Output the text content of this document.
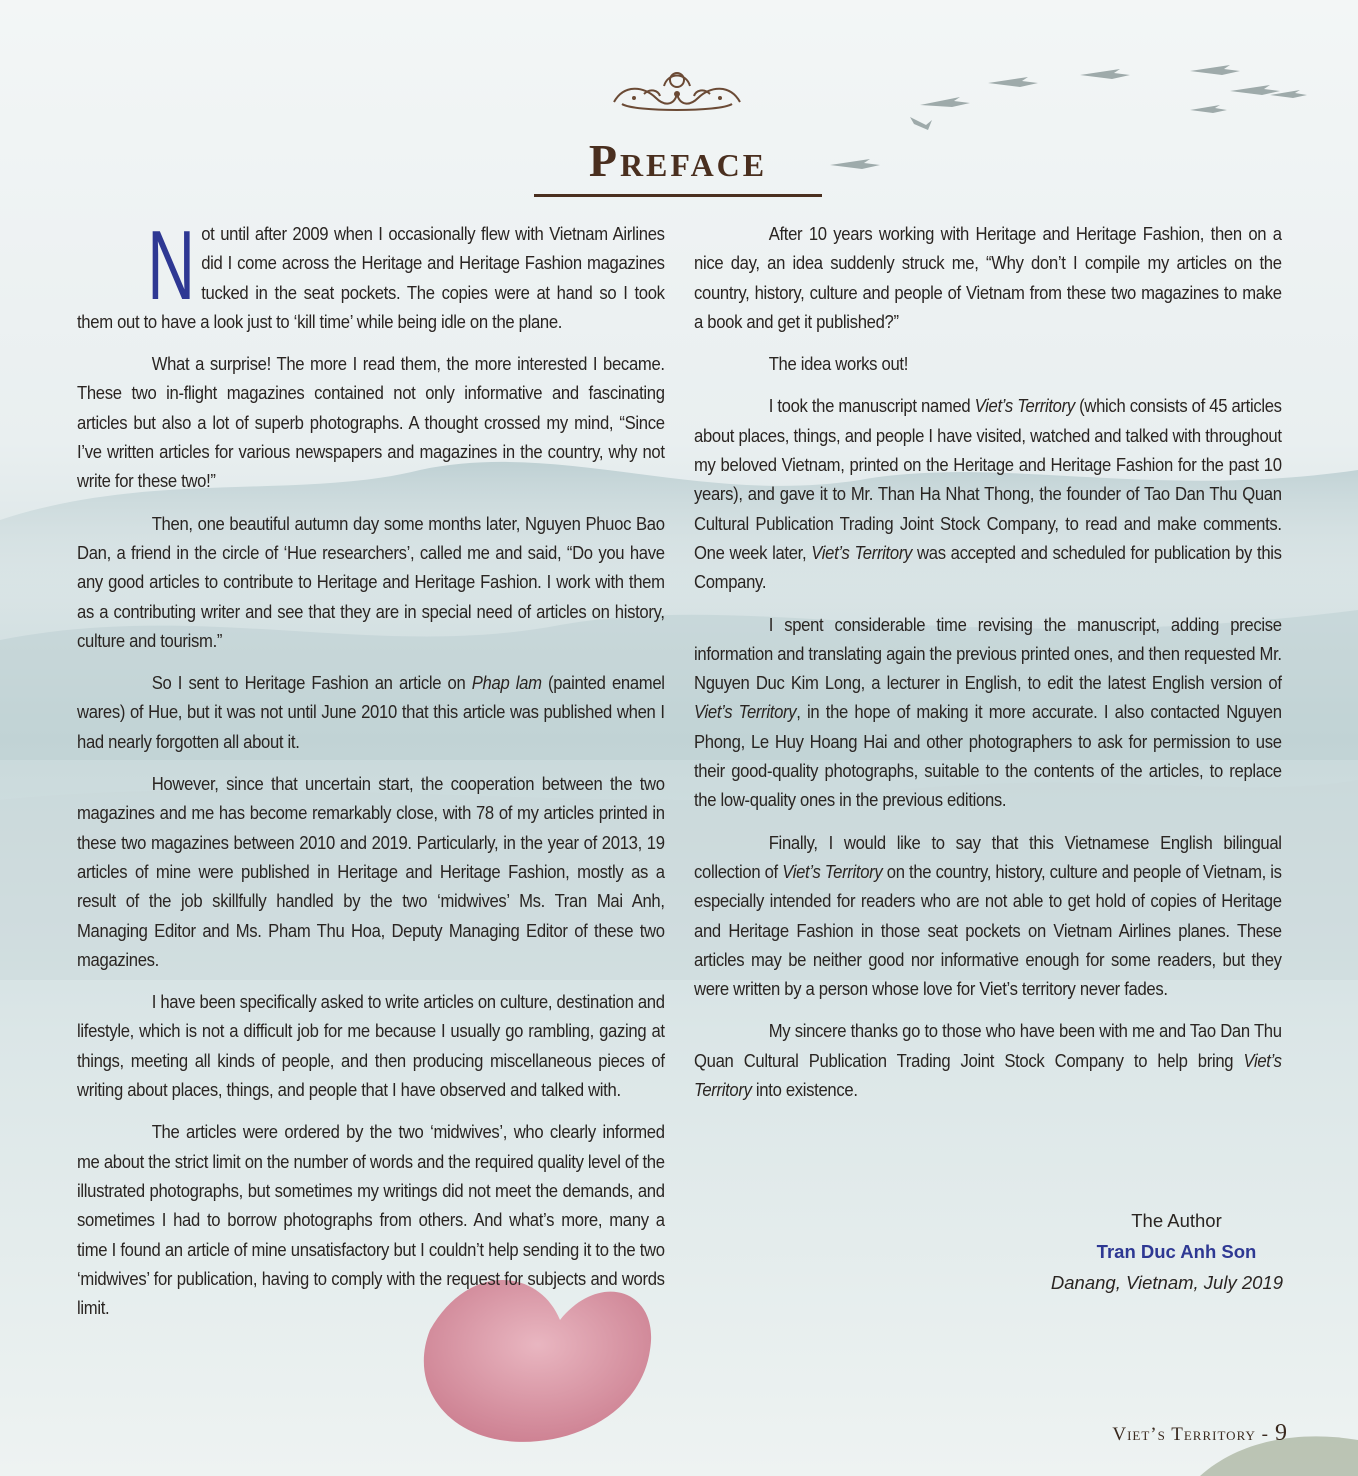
Preface

Not until after 2009 when I occasionally flew with Vietnam Airlines did I come across the Heritage and Heritage Fashion magazines tucked in the seat pockets. The copies were at hand so I took them out to have a look just to ‘kill time’ while being idle on the plane.

What a surprise! The more I read them, the more interested I became. These two in-flight magazines contained not only informative and fascinating articles but also a lot of superb photographs. A thought crossed my mind, “Since I’ve written articles for various newspapers and magazines in the country, why not write for these two!”

Then, one beautiful autumn day some months later, Nguyen Phuoc Bao Dan, a friend in the circle of ‘Hue researchers’, called me and said, “Do you have any good articles to contribute to Heritage and Heritage Fashion. I work with them as a contributing writer and see that they are in special need of articles on history, culture and tourism.”

So I sent to Heritage Fashion an article on Phap lam (painted enamel wares) of Hue, but it was not until June 2010 that this article was published when I had nearly forgotten all about it.

However, since that uncertain start, the cooperation between the two magazines and me has become remarkably close, with 78 of my articles printed in these two magazines between 2010 and 2019. Particularly, in the year of 2013, 19 articles of mine were published in Heritage and Heritage Fashion, mostly as a result of the job skillfully handled by the two ‘midwives’ Ms. Tran Mai Anh, Managing Editor and Ms. Pham Thu Hoa, Deputy Managing Editor of these two magazines.

I have been specifically asked to write articles on culture, destination and lifestyle, which is not a difficult job for me because I usually go rambling, gazing at things, meeting all kinds of people, and then producing miscellaneous pieces of writing about places, things, and people that I have observed and talked with.

The articles were ordered by the two ‘midwives’, who clearly informed me about the strict limit on the number of words and the required quality level of the illustrated photographs, but sometimes my writings did not meet the demands, and sometimes I had to borrow photographs from others. And what’s more, many a time I found an article of mine unsatisfactory but I couldn’t help sending it to the two ‘midwives’ for publication, having to comply with the request for subjects and words limit.

After 10 years working with Heritage and Heritage Fashion, then on a nice day, an idea suddenly struck me, “Why don’t I compile my articles on the country, history, culture and people of Vietnam from these two magazines to make a book and get it published?”

The idea works out!

I took the manuscript named Viet’s Territory (which consists of 45 articles about places, things, and people I have visited, watched and talked with throughout my beloved Vietnam, printed on the Heritage and Heritage Fashion for the past 10 years), and gave it to Mr. Than Ha Nhat Thong, the founder of Tao Dan Thu Quan Cultural Publication Trading Joint Stock Company, to read and make comments. One week later, Viet’s Territory was accepted and scheduled for publication by this Company.

I spent considerable time revising the manuscript, adding precise information and translating again the previous printed ones, and then requested Mr. Nguyen Duc Kim Long, a lecturer in English, to edit the latest English version of Viet’s Territory, in the hope of making it more accurate. I also contacted Nguyen Phong, Le Huy Hoang Hai and other photographers to ask for permission to use their good-quality photographs, suitable to the contents of the articles, to replace the low-quality ones in the previous editions.

Finally, I would like to say that this Vietnamese English bilingual collection of Viet’s Territory on the country, history, culture and people of Vietnam, is especially intended for readers who are not able to get hold of copies of Heritage and Heritage Fashion in those seat pockets on Vietnam Airlines planes. These articles may be neither good nor informative enough for some readers, but they were written by a person whose love for Viet’s territory never fades.

My sincere thanks go to those who have been with me and Tao Dan Thu Quan Cultural Publication Trading Joint Stock Company to help bring Viet’s Territory into existence.

The Author
Tran Duc Anh Son
Danang, Vietnam, July 2019
Viet’s Territory - 9
